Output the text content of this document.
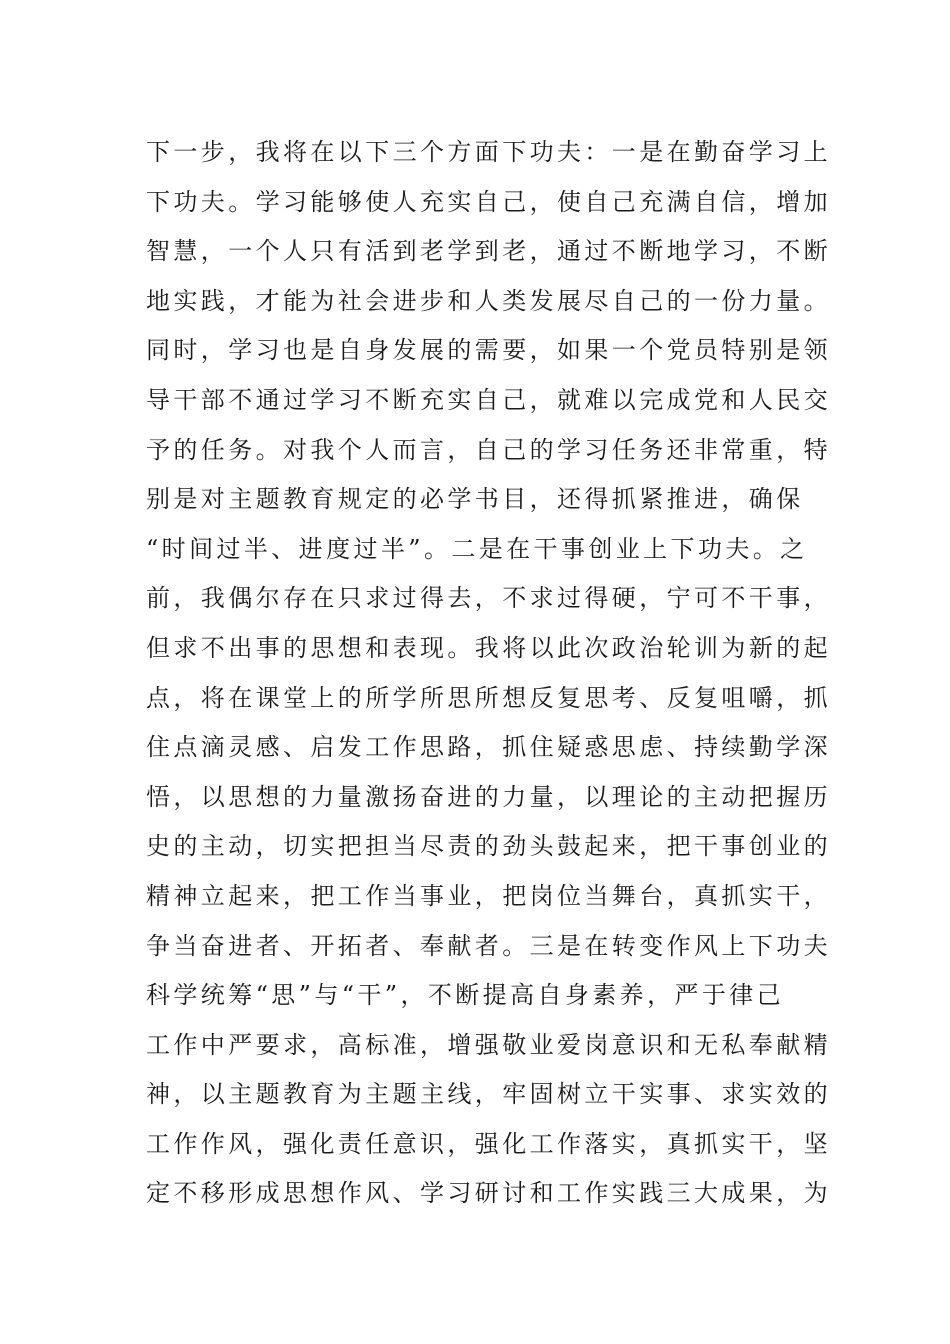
下一步，我将在以下三个方面下功夫：一是在勤奋学习上
下功夫。学习能够使人充实自己，使自己充满自信，增加
智慧，一个人只有活到老学到老，通过不断地学习，不断
地实践，才能为社会进步和人类发展尽自己的一份力量。
同时，学习也是自身发展的需要，如果一个党员特别是领
导干部不通过学习不断充实自己，就难以完成党和人民交
予的任务。对我个人而言，自己的学习任务还非常重，特
别是对主题教育规定的必学书目，还得抓紧推进，确保
“时间过半、进度过半”。二是在干事创业上下功夫。之
前，我偶尔存在只求过得去，不求过得硬，宁可不干事，
但求不出事的思想和表现。我将以此次政治轮训为新的起
点，将在课堂上的所学所思所想反复思考、反复咀嚼，抓
住点滴灵感、启发工作思路，抓住疑惑思虑、持续勤学深
悟，以思想的力量激扬奋进的力量，以理论的主动把握历
史的主动，切实把担当尽责的劲头鼓起来，把干事创业的
精神立起来，把工作当事业，把岗位当舞台，真抓实干，
争当奋进者、开拓者、奉献者。三是在转变作风上下功夫
科学统筹“思”与“干”，不断提高自身素养，严于律己
工作中严要求，高标准，增强敬业爱岗意识和无私奉献精
神，以主题教育为主题主线，牢固树立干实事、求实效的
工作作风，强化责任意识，强化工作落实，真抓实干，坚
定不移形成思想作风、学习研讨和工作实践三大成果，为
